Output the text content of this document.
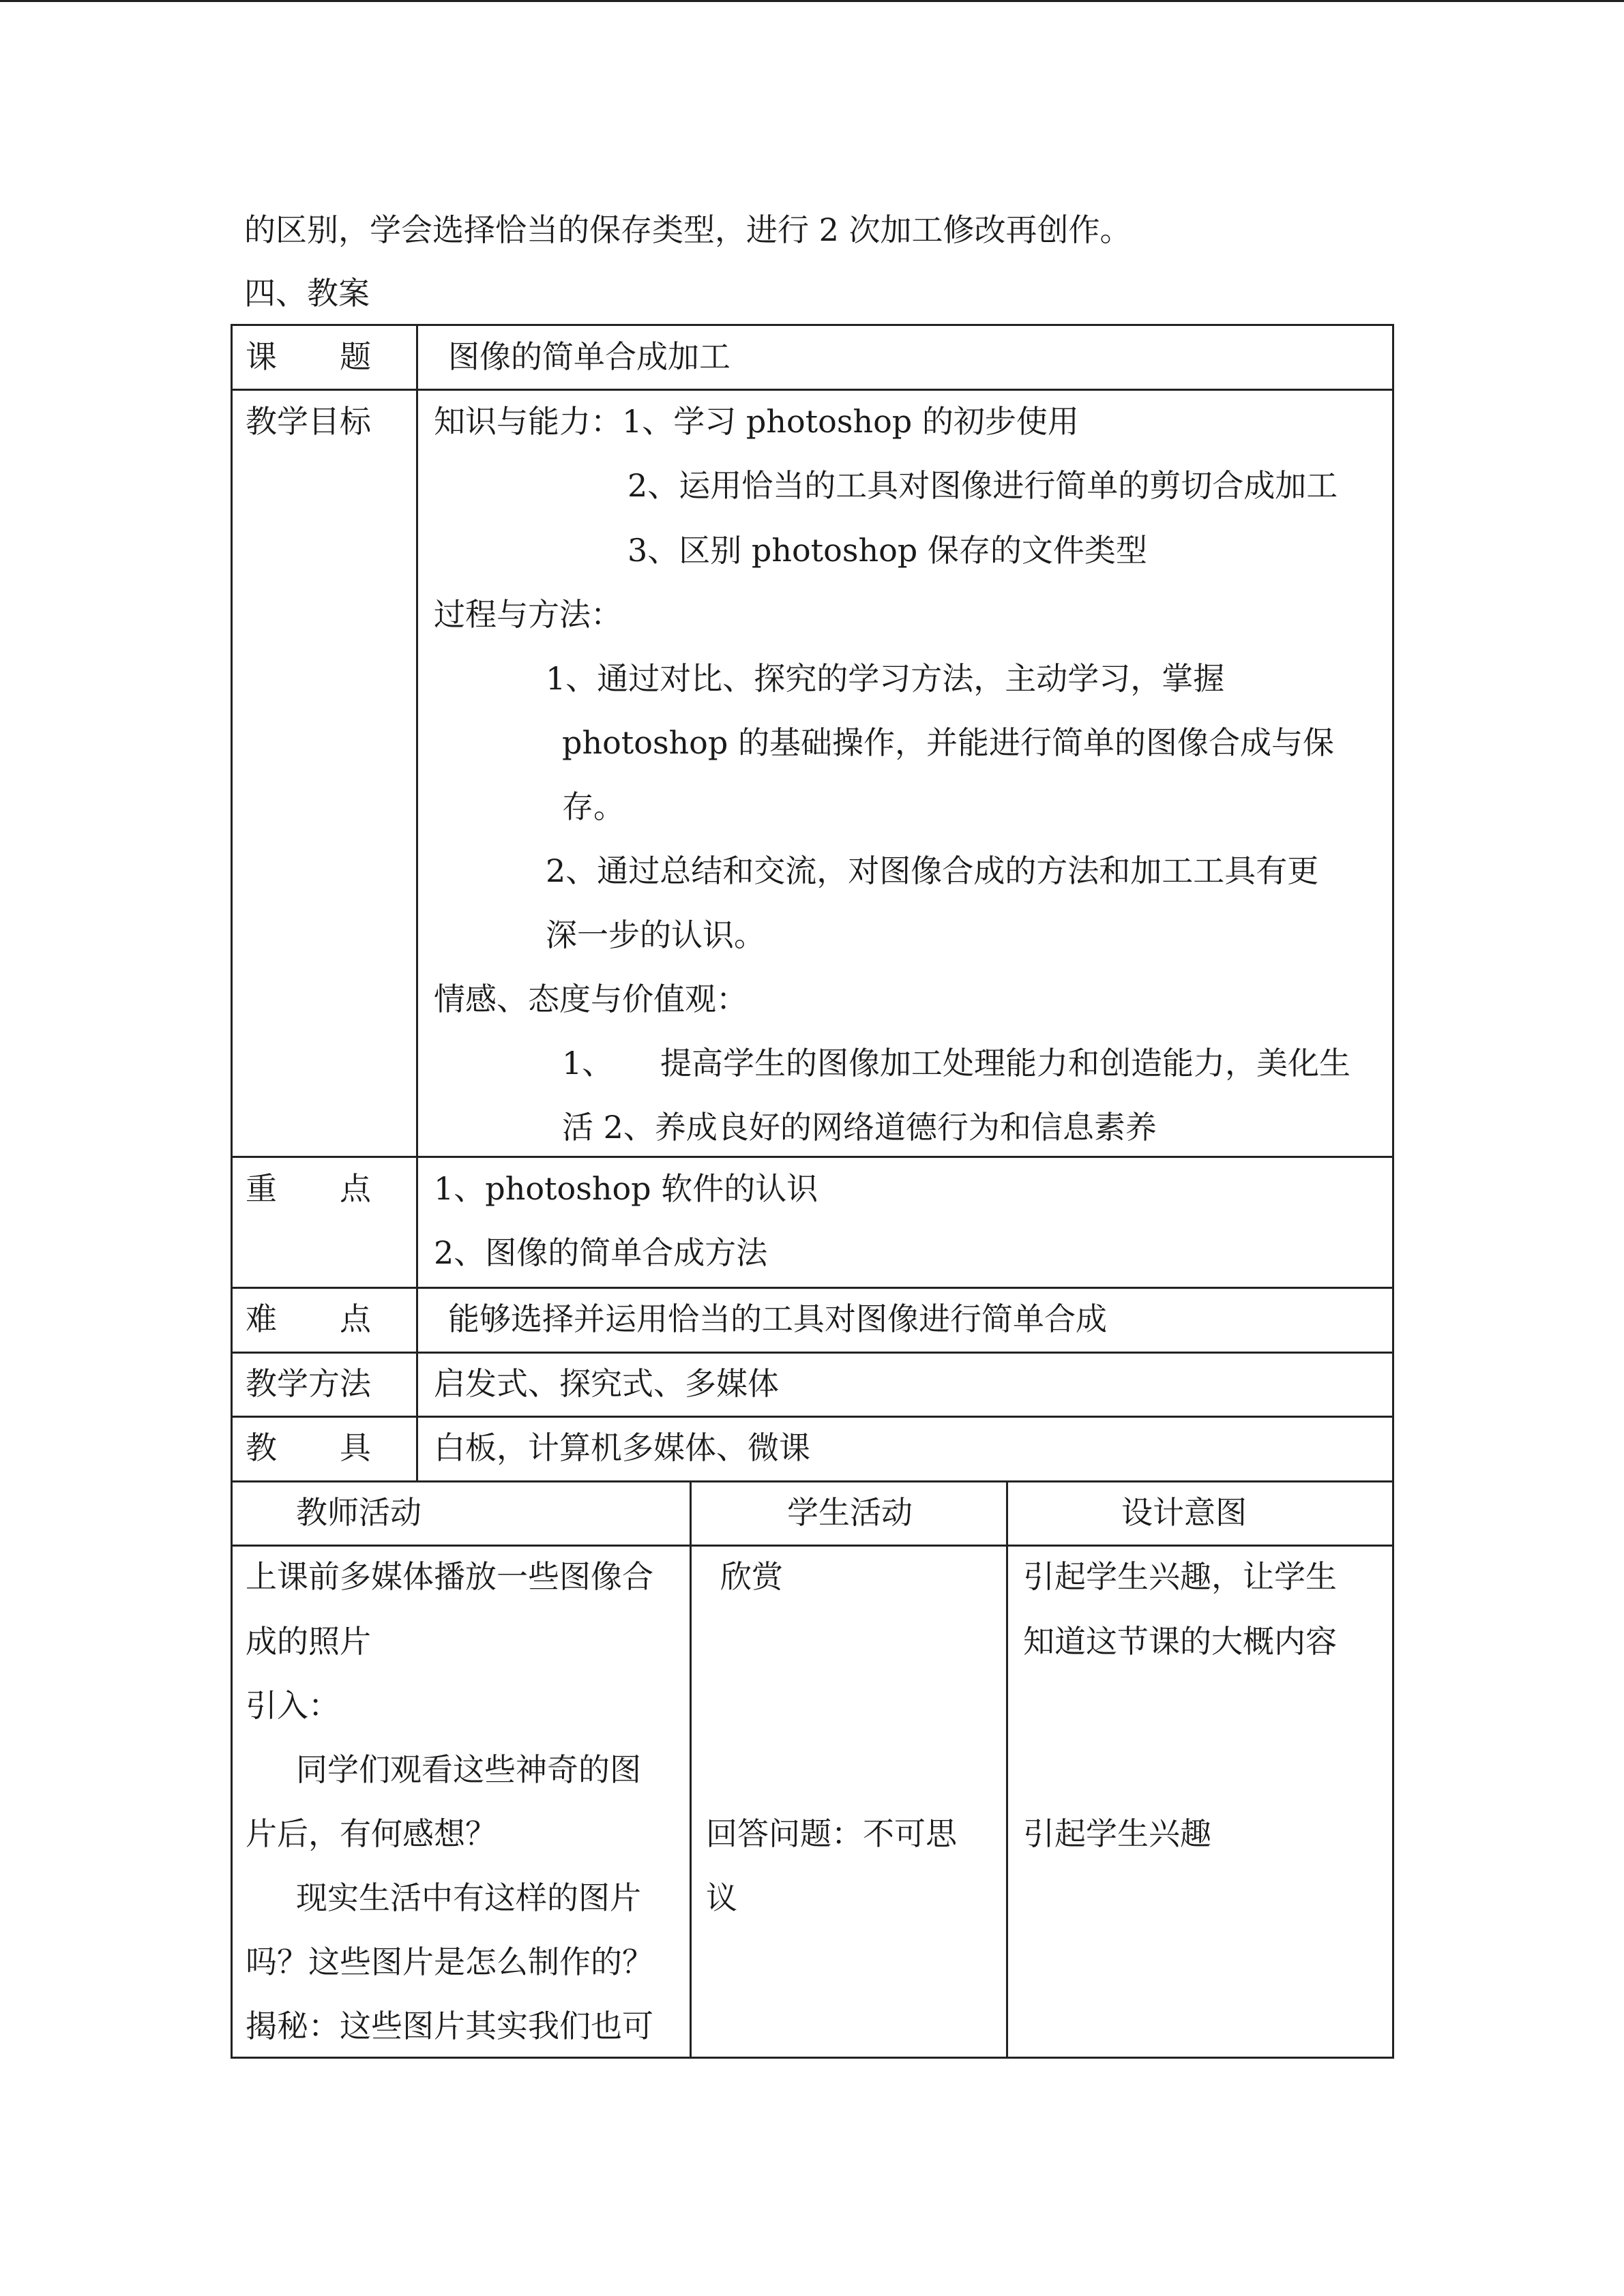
的区别，学会选择恰当的保存类型，进行 2 次加工修改再创作。
四、教案
课　　题 图像的简单合成加工
教学目标 知识与能力：1、学习 photoshop 的初步使用
2、运用恰当的工具对图像进行简单的剪切合成加工
3、区别 photoshop 保存的文件类型
过程与方法：
1、通过对比、探究的学习方法，主动学习，掌握
photoshop 的基础操作，并能进行简单的图像合成与保
存。
2、通过总结和交流，对图像合成的方法和加工工具有更
深一步的认识。
情感、态度与价值观：
1、 提高学生的图像加工处理能力和创造能力，美化生
活 2、养成良好的网络道德行为和信息素养
重　　点 1、photoshop 软件的认识
2、图像的简单合成方法
难　　点 能够选择并运用恰当的工具对图像进行简单合成
教学方法 启发式、探究式、多媒体
教　　具 白板，计算机多媒体、微课
教师活动	学生活动	设计意图
上课前多媒体播放一些图像合
成的照片
引入：
同学们观看这些神奇的图
片后，有何感想？
现实生活中有这样的图片
吗？这些图片是怎么制作的？
揭秘：这些图片其实我们也可
欣赏
回答问题：不可思
议
引起学生兴趣，让学生
知道这节课的大概内容
引起学生兴趣
